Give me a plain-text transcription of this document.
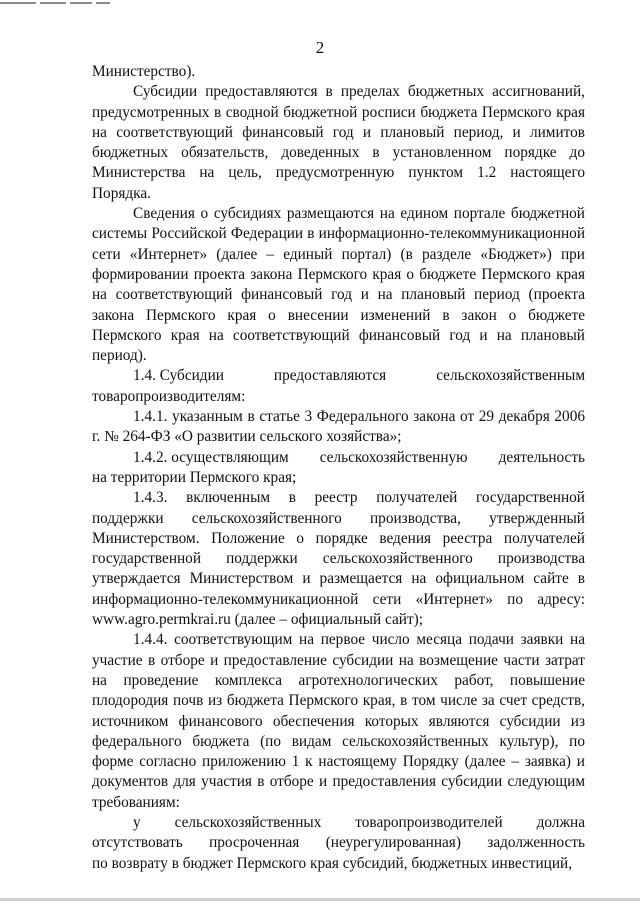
2

Министерство).

Субсидии предоставляются в пределах бюджетных ассигнований, предусмотренных в сводной бюджетной росписи бюджета Пермского края на соответствующий финансовый год и плановый период, и лимитов бюджетных обязательств, доведенных в установленном порядке до Министерства на цель, предусмотренную пунктом 1.2 настоящего Порядка.

Сведения о субсидиях размещаются на едином портале бюджетной системы Российской Федерации в информационно-телекоммуникационной сети «Интернет» (далее – единый портал) (в разделе «Бюджет») при формировании проекта закона Пермского края о бюджете Пермского края на соответствующий финансовый год и на плановый период (проекта закона Пермского края о внесении изменений в закон о бюджете Пермского края на соответствующий финансовый год и на плановый период).

1.4. Субсидии	предоставляются	сельскохозяйственным

товаропроизводителям:

1.4.1. указанным в статье 3 Федерального закона от 29 декабря 2006 г. № 264-ФЗ «О развитии сельского хозяйства»;

1.4.2. осуществляющим сельскохозяйственную деятельность

на территории Пермского края;

1.4.3. включенным в реестр получателей государственной поддержки сельскохозяйственного производства, утвержденный Министерством. Положение о порядке ведения реестра получателей государственной поддержки сельскохозяйственного производства утверждается Министерством и размещается на официальном сайте в информационно-телекоммуникационной сети «Интернет» по адресу: www.agro.permkrai.ru (далее – официальный сайт);

1.4.4. соответствующим на первое число месяца подачи заявки на участие в отборе и предоставление субсидии на возмещение части затрат на проведение комплекса агротехнологических работ, повышение плодородия почв из бюджета Пермского края, в том числе за счет средств, источником финансового обеспечения которых являются субсидии из федерального бюджета (по видам сельскохозяйственных культур), по форме согласно приложению 1 к настоящему Порядку (далее – заявка) и документов для участия в отборе и предоставления субсидии следующим требованиям:

у сельскохозяйственных товаропроизводителей должна
отсутствовать просроченная (неурегулированная) задолженность

по возврату в бюджет Пермского края субсидий, бюджетных инвестиций,
